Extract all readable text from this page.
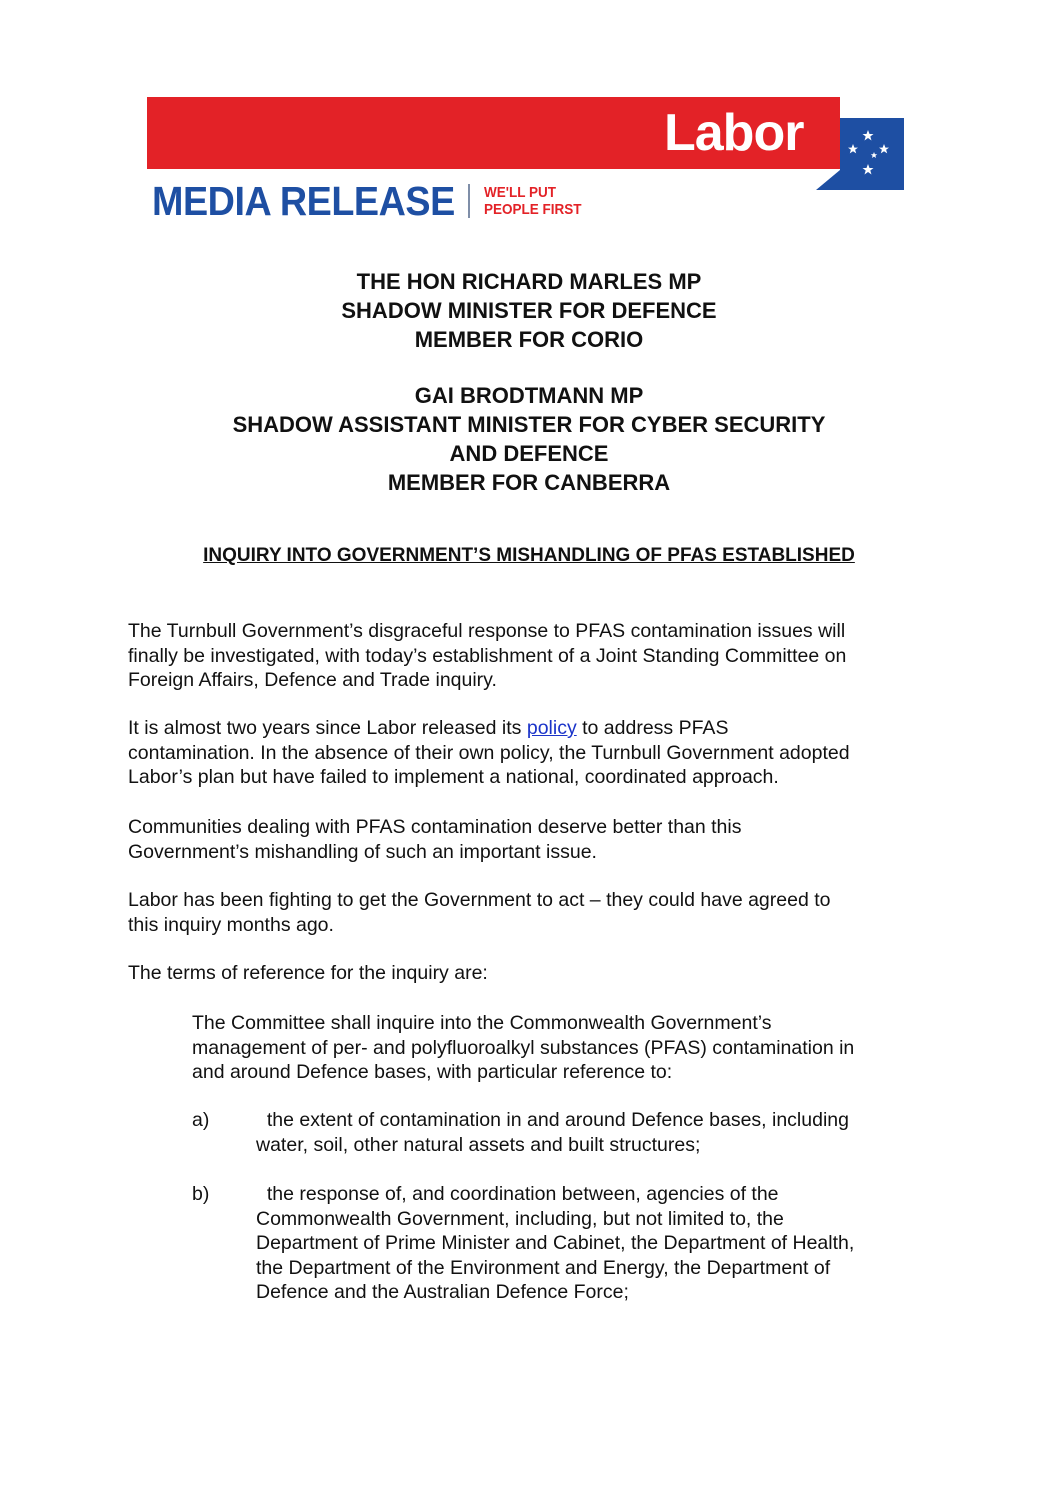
Labor
MEDIA RELEASE WE'LL PUT
PEOPLE FIRST
THE HON RICHARD MARLES MP
SHADOW MINISTER FOR DEFENCE
MEMBER FOR CORIO
GAI BRODTMANN MP
SHADOW ASSISTANT MINISTER FOR CYBER SECURITY
AND DEFENCE
MEMBER FOR CANBERRA
INQUIRY INTO GOVERNMENT’S MISHANDLING OF PFAS ESTABLISHED
The Turnbull Government’s disgraceful response to PFAS contamination issues will
finally be investigated, with today’s establishment of a Joint Standing Committee on
Foreign Affairs, Defence and Trade inquiry.
It is almost two years since Labor released its policy to address PFAS
contamination. In the absence of their own policy, the Turnbull Government adopted
Labor’s plan but have failed to implement a national, coordinated approach.
Communities dealing with PFAS contamination deserve better than this
Government’s mishandling of such an important issue.
Labor has been fighting to get the Government to act – they could have agreed to
this inquiry months ago.
The terms of reference for the inquiry are:
The Committee shall inquire into the Commonwealth Government’s
management of per- and polyfluoroalkyl substances (PFAS) contamination in
and around Defence bases, with particular reference to:
a) the extent of contamination in and around Defence bases, including
water, soil, other natural assets and built structures;
b) the response of, and coordination between, agencies of the
Commonwealth Government, including, but not limited to, the
Department of Prime Minister and Cabinet, the Department of Health,
the Department of the Environment and Energy, the Department of
Defence and the Australian Defence Force;
